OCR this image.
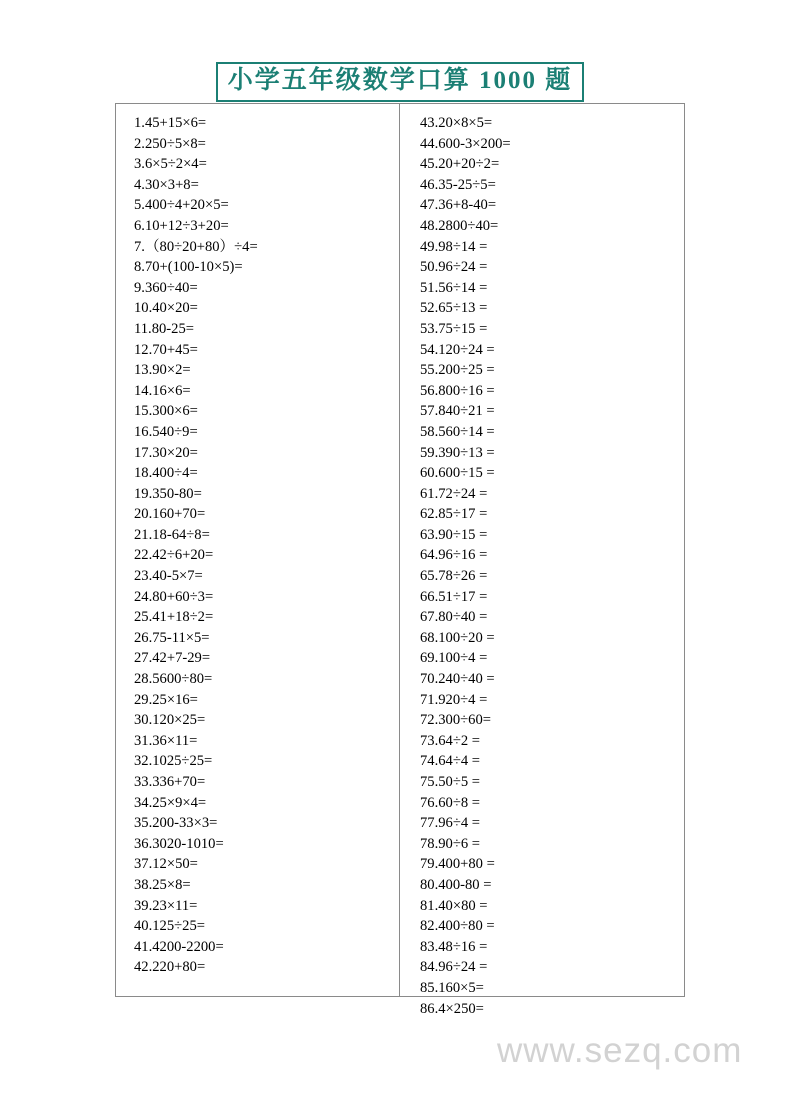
小学五年级数学口算 1000 题
1.45+15×6=
2.250÷5×8=
3.6×5÷2×4=
4.30×3+8=
5.400÷4+20×5=
6.10+12÷3+20=
7.（80÷20+80）÷4=
8.70+(100-10×5)=
9.360÷40=
10.40×20=
11.80-25=
12.70+45=
13.90×2=
14.16×6=
15.300×6=
16.540÷9=
17.30×20=
18.400÷4=
19.350-80=
20.160+70=
21.18-64÷8=
22.42÷6+20=
23.40-5×7=
24.80+60÷3=
25.41+18÷2=
26.75-11×5=
27.42+7-29=
28.5600÷80=
29.25×16=
30.120×25=
31.36×11=
32.1025÷25=
33.336+70=
34.25×9×4=
35.200-33×3=
36.3020-1010=
37.12×50=
38.25×8=
39.23×11=
40.125÷25=
41.4200-2200=
42.220+80=
43.20×8×5=
44.600-3×200=
45.20+20÷2=
46.35-25÷5=
47.36+8-40=
48.2800÷40=
49.98÷14 =
50.96÷24 =
51.56÷14 =
52.65÷13 =
53.75÷15 =
54.120÷24 =
55.200÷25 =
56.800÷16 =
57.840÷21 =
58.560÷14 =
59.390÷13 =
60.600÷15 =
61.72÷24 =
62.85÷17 =
63.90÷15 =
64.96÷16 =
65.78÷26 =
66.51÷17 =
67.80÷40 =
68.100÷20 =
69.100÷4 =
70.240÷40 =
71.920÷4 =
72.300÷60=
73.64÷2 =
74.64÷4 =
75.50÷5 =
76.60÷8 =
77.96÷4 =
78.90÷6 =
79.400+80 =
80.400-80 =
81.40×80 =
82.400÷80 =
83.48÷16 =
84.96÷24 =
85.160×5=
86.4×250=
www.sezq.com
